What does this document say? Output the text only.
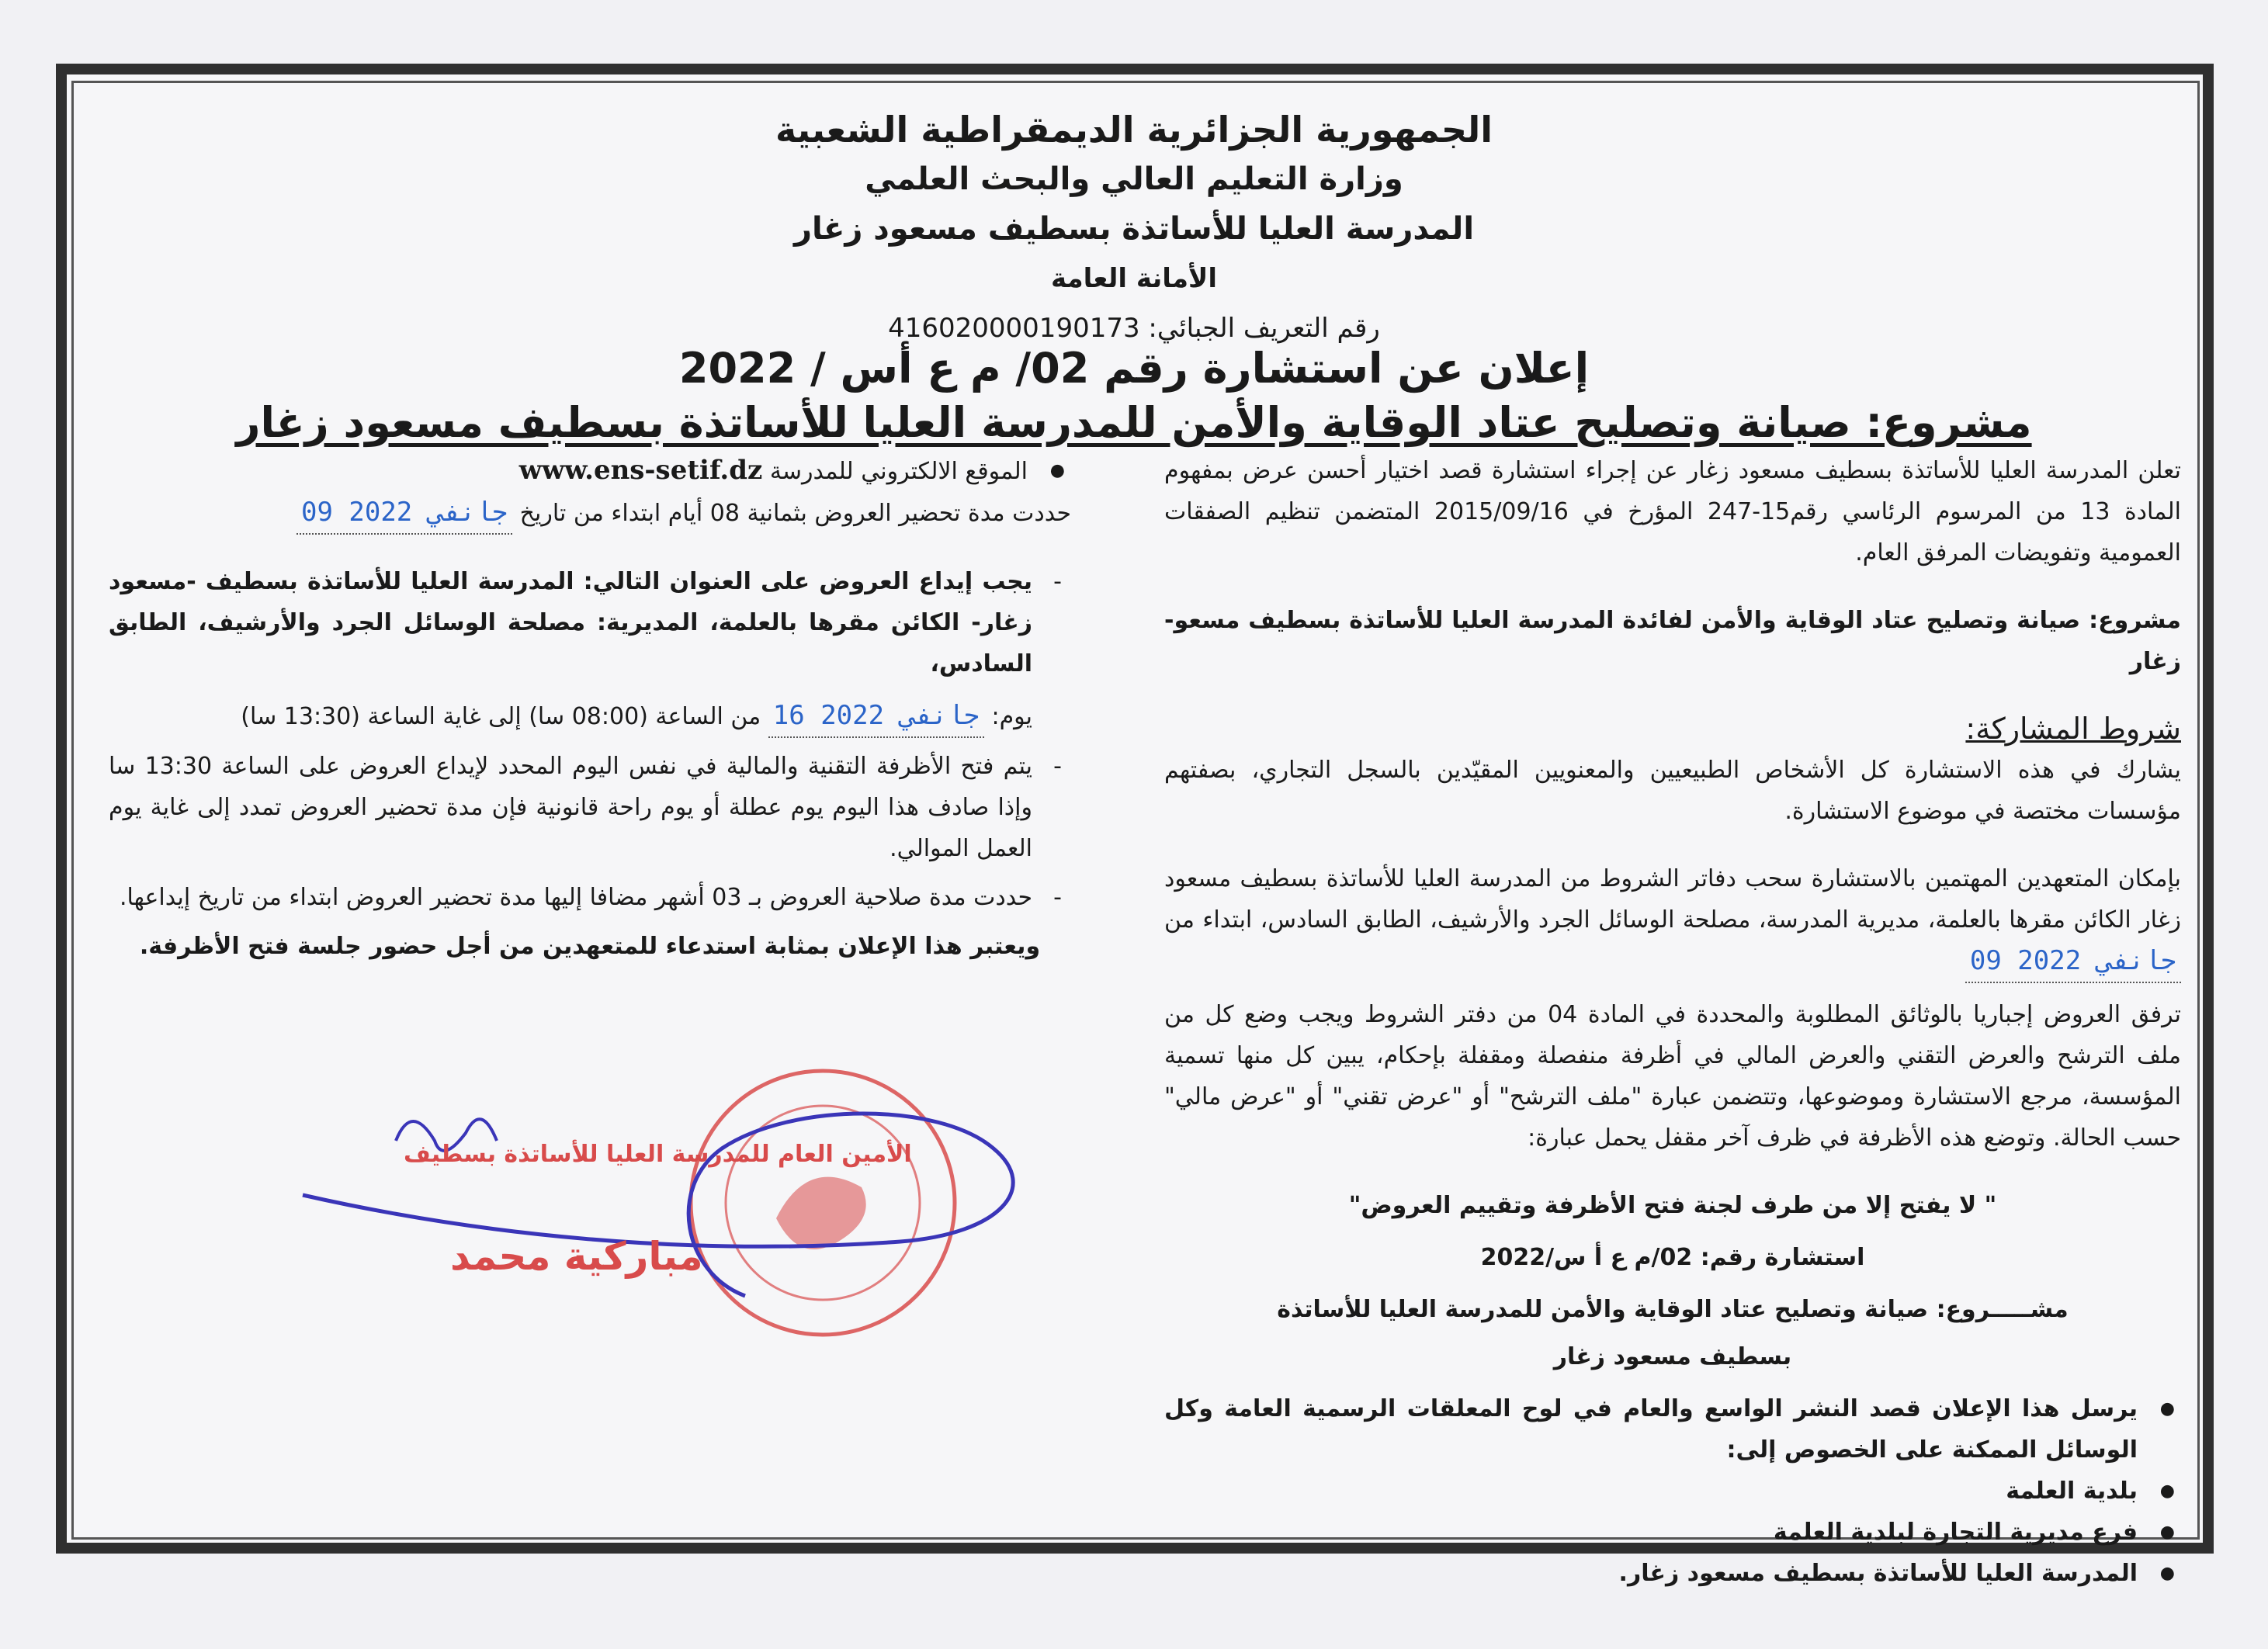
الجمهورية الجزائرية الديمقراطية الشعبية
وزارة التعليم العالي والبحث العلمي
المدرسة العليا للأساتذة بسطيف مسعود زغار
الأمانة العامة
رقم التعريف الجبائي: 416020000190173
إعلان عن استشارة رقم 02/ م ع أس / 2022
مشروع: صيانة وتصليح عتاد الوقاية والأمن للمدرسة العليا للأساتذة بسطيف مسعود زغار

تعلن المدرسة العليا للأساتذة بسطيف مسعود زغار عن إجراء استشارة قصد اختيار أحسن عرض بمفهوم المادة 13 من المرسوم الرئاسي رقم15-247 المؤرخ في 2015/09/16 المتضمن تنظيم الصفقات العمومية وتفويضات المرفق العام.

مشروع: صيانة وتصليح عتاد الوقاية والأمن لفائدة المدرسة العليا للأساتذة بسطيف مسعو-زغار

شروط المشاركة:

يشارك في هذه الاستشارة كل الأشخاص الطبيعيين والمعنويين المقيّدين بالسجل التجاري، بصفتهم مؤسسات مختصة في موضوع الاستشارة.

بإمكان المتعهدين المهتمين بالاستشارة سحب دفاتر الشروط من المدرسة العليا للأساتذة بسطيف مسعود زغار الكائن مقرها بالعلمة، مديرية المدرسة، مصلحة الوسائل الجرد والأرشيف، الطابق السادس، ابتداء من 09 جانفي 2022

ترفق العروض إجباريا بالوثائق المطلوبة والمحددة في المادة 04 من دفتر الشروط ويجب وضع كل من ملف الترشح والعرض التقني والعرض المالي في أظرفة منفصلة ومقفلة بإحكام، يبين كل منها تسمية المؤسسة، مرجع الاستشارة وموضوعها، وتتضمن عبارة "ملف الترشح" أو "عرض تقني" أو "عرض مالي" حسب الحالة. وتوضع هذه الأظرفة في ظرف آخر مقفل يحمل عبارة:

" لا يفتح إلا من طرف لجنة فتح الأظرفة وتقييم العروض"

استشارة رقم: 02/م ع أ س/2022

مشـــــروع: صيانة وتصليح عتاد الوقاية والأمن للمدرسة العليا للأساتذة

بسطيف مسعود زغار

● يرسل هذا الإعلان قصد النشر الواسع والعام في لوح المعلقات الرسمية العامة وكل الوسائل الممكنة على الخصوص إلى:
● بلدية العلمة
● فرع مديرية التجارة لبلدية العلمة
● المدرسة العليا للأساتذة بسطيف مسعود زغار.
● الموقع الالكتروني للمدرسة www.ens-setif.dz

حددت مدة تحضير العروض بثمانية 08 أيام ابتداء من تاريخ 09 جانفي 2022

- يجب إيداع العروض على العنوان التالي: المدرسة العليا للأساتذة بسطيف -مسعود زغار- الكائن مقرها بالعلمة، المديرية: مصلحة الوسائل الجرد والأرشيف، الطابق السادس،
يوم: 16 جانفي 2022 من الساعة (08:00 سا) إلى غاية الساعة (13:30 سا)
- يتم فتح الأظرفة التقنية والمالية في نفس اليوم المحدد لإيداع العروض على الساعة 13:30 سا وإذا صادف هذا اليوم يوم عطلة أو يوم راحة قانونية فإن مدة تحضير العروض تمدد إلى غاية يوم العمل الموالي.
- حددت مدة صلاحية العروض بـ 03 أشهر مضافا إليها مدة تحضير العروض ابتداء من تاريخ إيداعها.

ويعتبر هذا الإعلان بمثابة استدعاء للمتعهدين من أجل حضور جلسة فتح الأظرفة.

الأمين العام للمدرسة العليا للأساتذة بسطيف
مباركية محمد
